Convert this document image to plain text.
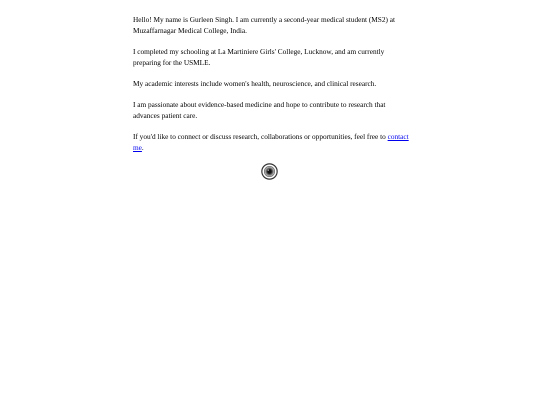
Hello! My name is Gurleen Singh. I am currently a second-year medical student (MS2) at Muzaffarnagar Medical College, India.

I completed my schooling at La Martiniere Girls' College, Lucknow, and am currently preparing for the USMLE.

My academic interests include women's health, neuroscience, and clinical research.

I am passionate about evidence-based medicine and hope to contribute to research that advances patient care.

If you'd like to connect or discuss research, collaborations or opportunities, feel free to contact me.
